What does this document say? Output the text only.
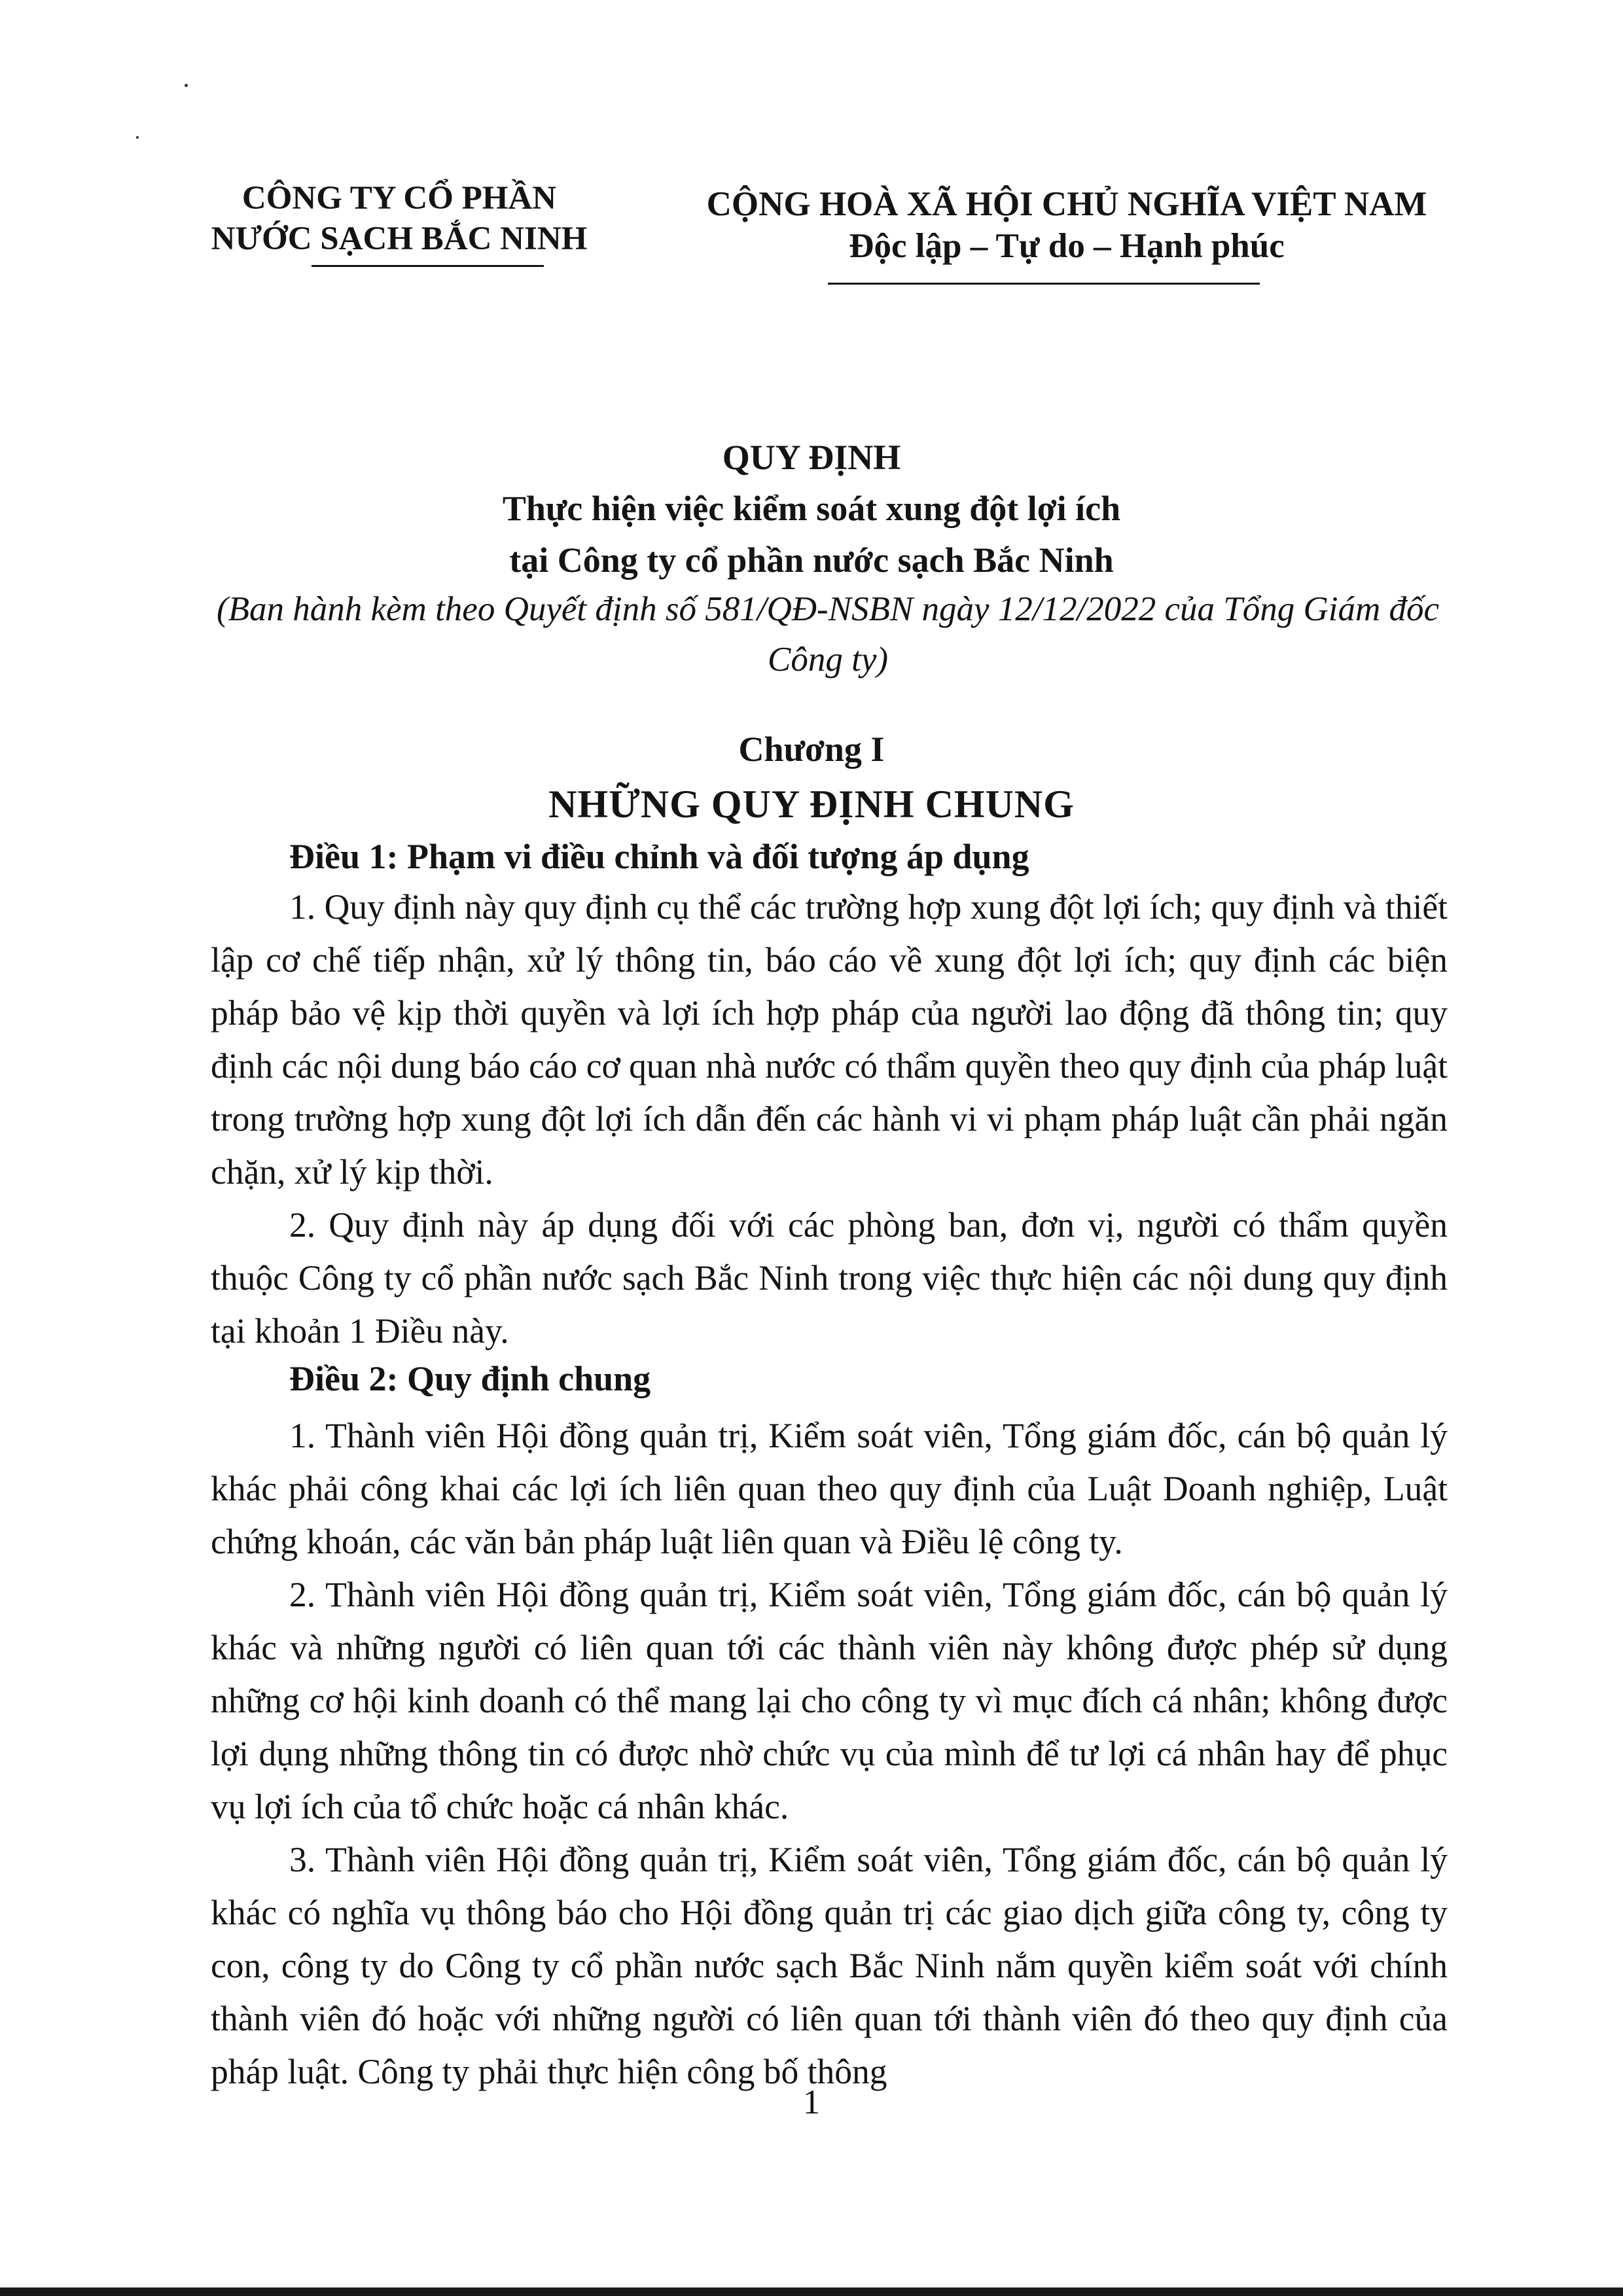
CÔNG TY CỔ PHẦN
NƯỚC SẠCH BẮC NINH
CỘNG HOÀ XÃ HỘI CHỦ NGHĨA VIỆT NAM
Độc lập – Tự do – Hạnh phúc
QUY ĐỊNH
Thực hiện việc kiểm soát xung đột lợi ích
tại Công ty cổ phần nước sạch Bắc Ninh
(Ban hành kèm theo Quyết định số 581/QĐ-NSBN ngày 12/12/2022 của Tổng Giám đốc Công ty)
Chương I
NHỮNG QUY ĐỊNH CHUNG
Điều 1: Phạm vi điều chỉnh và đối tượng áp dụng

1. Quy định này quy định cụ thể các trường hợp xung đột lợi ích; quy định và thiết lập cơ chế tiếp nhận, xử lý thông tin, báo cáo về xung đột lợi ích; quy định các biện pháp bảo vệ kịp thời quyền và lợi ích hợp pháp của người lao động đã thông tin; quy định các nội dung báo cáo cơ quan nhà nước có thẩm quyền theo quy định của pháp luật trong trường hợp xung đột lợi ích dẫn đến các hành vi vi phạm pháp luật cần phải ngăn chặn, xử lý kịp thời.

2. Quy định này áp dụng đối với các phòng ban, đơn vị, người có thẩm quyền thuộc Công ty cổ phần nước sạch Bắc Ninh trong việc thực hiện các nội dung quy định tại khoản 1 Điều này.

Điều 2: Quy định chung

1. Thành viên Hội đồng quản trị, Kiểm soát viên, Tổng giám đốc, cán bộ quản lý khác phải công khai các lợi ích liên quan theo quy định của Luật Doanh nghiệp, Luật chứng khoán, các văn bản pháp luật liên quan và Điều lệ công ty.

2. Thành viên Hội đồng quản trị, Kiểm soát viên, Tổng giám đốc, cán bộ quản lý khác và những người có liên quan tới các thành viên này không được phép sử dụng những cơ hội kinh doanh có thể mang lại cho công ty vì mục đích cá nhân; không được lợi dụng những thông tin có được nhờ chức vụ của mình để tư lợi cá nhân hay để phục vụ lợi ích của tổ chức hoặc cá nhân khác.

3. Thành viên Hội đồng quản trị, Kiểm soát viên, Tổng giám đốc, cán bộ quản lý khác có nghĩa vụ thông báo cho Hội đồng quản trị các giao dịch giữa công ty, công ty con, công ty do Công ty cổ phần nước sạch Bắc Ninh nắm quyền kiểm soát với chính thành viên đó hoặc với những người có liên quan tới thành viên đó theo quy định của pháp luật. Công ty phải thực hiện công bố thông

1
